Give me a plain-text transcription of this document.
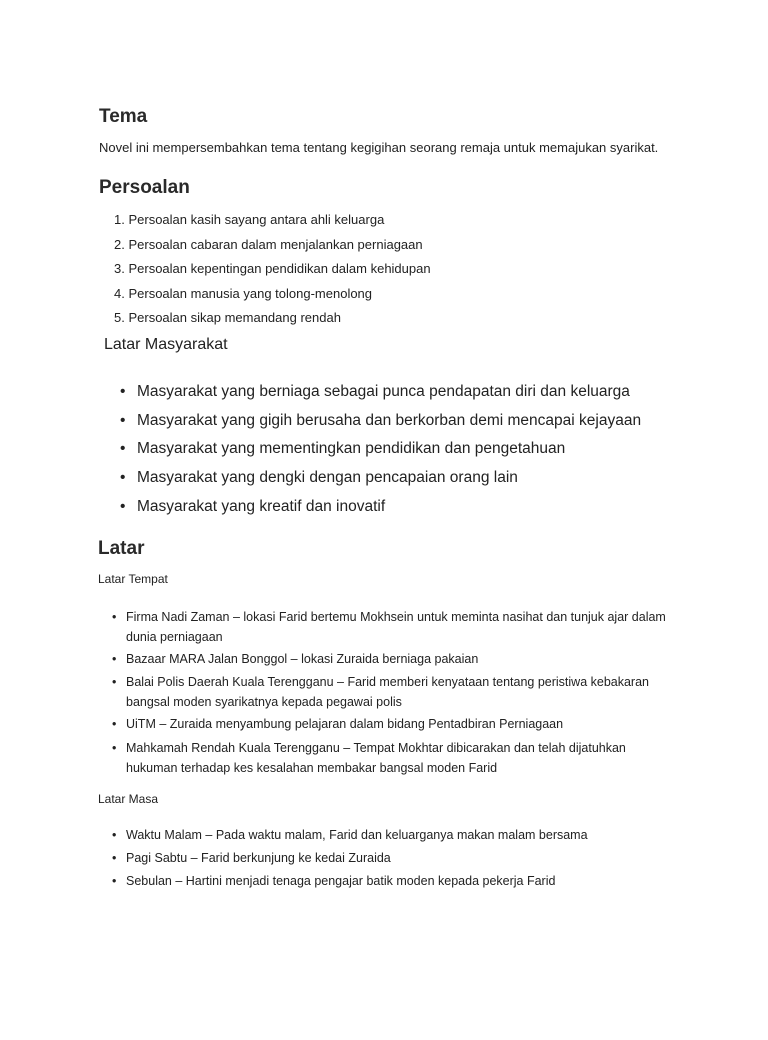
Tema

Novel ini mempersembahkan tema tentang kegigihan seorang remaja untuk memajukan syarikat.

Persoalan
1. Persoalan kasih sayang antara ahli keluarga
2. Persoalan cabaran dalam menjalankan perniagaan
3. Persoalan kepentingan pendidikan dalam kehidupan
4. Persoalan manusia yang tolong-menolong
5. Persoalan sikap memandang rendah

Latar Masyarakat

• Masyarakat yang berniaga sebagai punca pendapatan diri dan keluarga
• Masyarakat yang gigih berusaha dan berkorban demi mencapai kejayaan
• Masyarakat yang mementingkan pendidikan dan pengetahuan
• Masyarakat yang dengki dengan pencapaian orang lain
• Masyarakat yang kreatif dan inovatif
Latar

Latar Tempat

• Firma Nadi Zaman – lokasi Farid bertemu Mokhsein untuk meminta nasihat dan tunjuk ajar dalam
dunia perniagaan
• Bazaar MARA Jalan Bonggol – lokasi Zuraida berniaga pakaian
• Balai Polis Daerah Kuala Terengganu – Farid memberi kenyataan tentang peristiwa kebakaran
bangsal moden syarikatnya kepada pegawai polis
• UiTM – Zuraida menyambung pelajaran dalam bidang Pentadbiran Perniagaan
• Mahkamah Rendah Kuala Terengganu – Tempat Mokhtar dibicarakan dan telah dijatuhkan
hukuman terhadap kes kesalahan membakar bangsal moden Farid

Latar Masa

• Waktu Malam – Pada waktu malam, Farid dan keluarganya makan malam bersama
• Pagi Sabtu – Farid berkunjung ke kedai Zuraida
• Sebulan – Hartini menjadi tenaga pengajar batik moden kepada pekerja Farid
